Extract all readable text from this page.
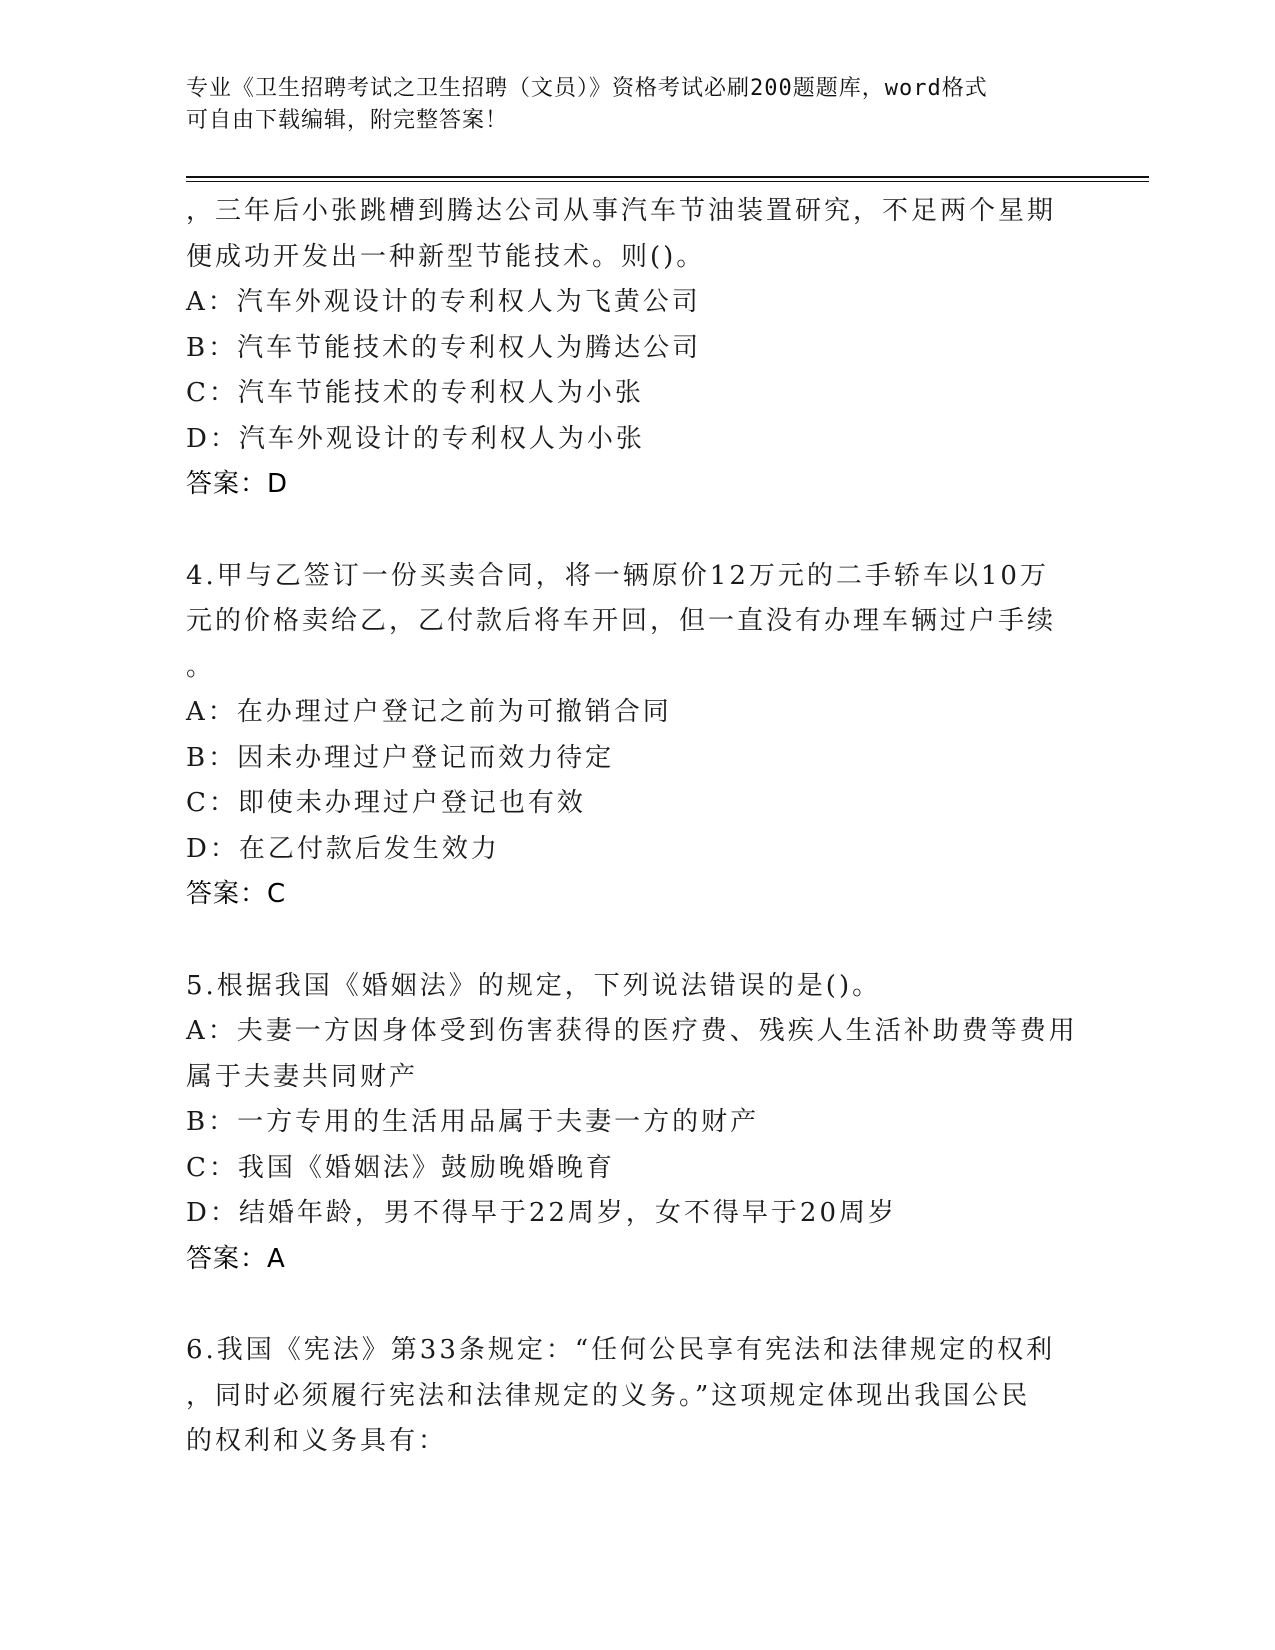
专业《卫生招聘考试之卫生招聘（文员）》资格考试必刷200题题库，word格式
可自由下载编辑，附完整答案！
，三年后小张跳槽到腾达公司从事汽车节油装置研究，不足两个星期
便成功开发出一种新型节能技术。则()。
A：汽车外观设计的专利权人为飞黄公司
B：汽车节能技术的专利权人为腾达公司
C：汽车节能技术的专利权人为小张
D：汽车外观设计的专利权人为小张
答案：D
4.甲与乙签订一份买卖合同，将一辆原价12万元的二手轿车以10万
元的价格卖给乙，乙付款后将车开回，但一直没有办理车辆过户手续
。
A：在办理过户登记之前为可撤销合同
B：因未办理过户登记而效力待定
C：即使未办理过户登记也有效
D：在乙付款后发生效力
答案：C
5.根据我国《婚姻法》的规定，下列说法错误的是()。
A：夫妻一方因身体受到伤害获得的医疗费、残疾人生活补助费等费用
属于夫妻共同财产
B：一方专用的生活用品属于夫妻一方的财产
C：我国《婚姻法》鼓励晚婚晚育
D：结婚年龄，男不得早于22周岁，女不得早于20周岁
答案：A
6.我国《宪法》第33条规定：“任何公民享有宪法和法律规定的权利
，同时必须履行宪法和法律规定的义务。”这项规定体现出我国公民
的权利和义务具有：
